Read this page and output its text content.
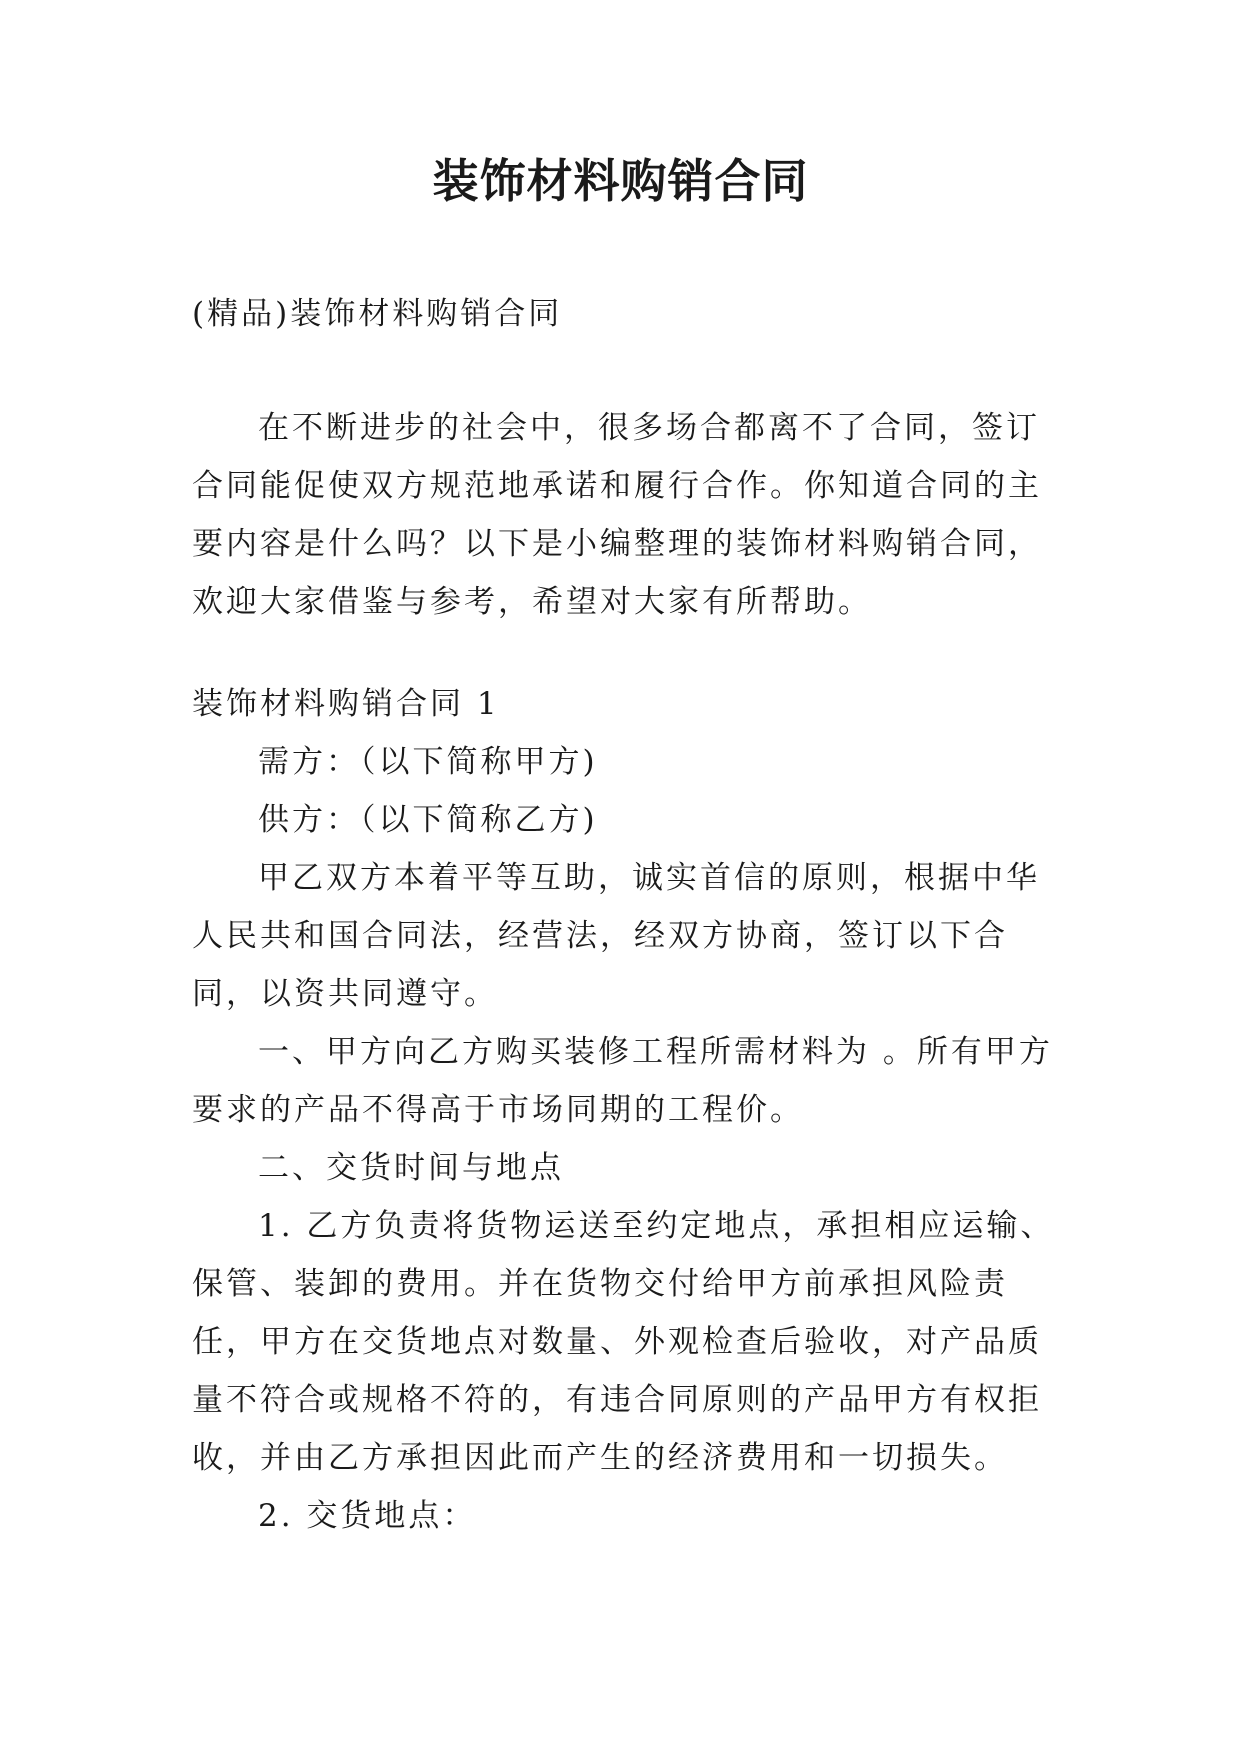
装饰材料购销合同

(精品)装饰材料购销合同

在不断进步的社会中，很多场合都离不了合同，签订合同能促使双方规范地承诺和履行合作。你知道合同的主要内容是什么吗？以下是小编整理的装饰材料购销合同，欢迎大家借鉴与参考，希望对大家有所帮助。

装饰材料购销合同 1

需方：（以下简称甲方)

供方：（以下简称乙方)

甲乙双方本着平等互助，诚实首信的原则，根据中华人民共和国合同法，经营法，经双方协商，签订以下合同，以资共同遵守。

一、甲方向乙方购买装修工程所需材料为 。所有甲方要求的产品不得高于市场同期的工程价。

二、交货时间与地点

1. 乙方负责将货物运送至约定地点，承担相应运输、保管、装卸的费用。并在货物交付给甲方前承担风险责任，甲方在交货地点对数量、外观检查后验收，对产品质量不符合或规格不符的，有违合同原则的产品甲方有权拒收，并由乙方承担因此而产生的经济费用和一切损失。

2. 交货地点：
